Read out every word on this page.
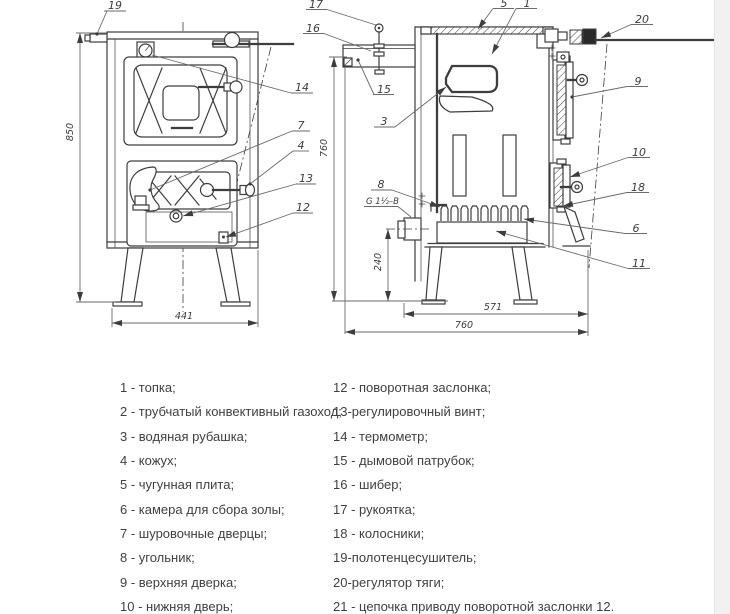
850
441
19
14
7
4
13
12
760
240
571
760
17
16
15
3
8
G 1½–B
5 1
20
9
10
18
6
11
1 - топка;
2 - трубчатый конвективный газоход;
3 - водяная рубашка;
4 - кожух;
5 - чугунная плита;
6 - камера для сбора золы;
7 - шуровочные дверцы;
8 - угольник;
9 - верхняя дверка;
10 - нижняя дверь;
12 - поворотная заслонка;
13-регулировочный винт;
14 - термометр;
15 - дымовой патрубок;
16 - шибер;
17 - рукоятка;
18 - колосники;
19-полотенцесушитель;
20-регулятор тяги;
21 - цепочка приводу поворотной заслонки 12.
